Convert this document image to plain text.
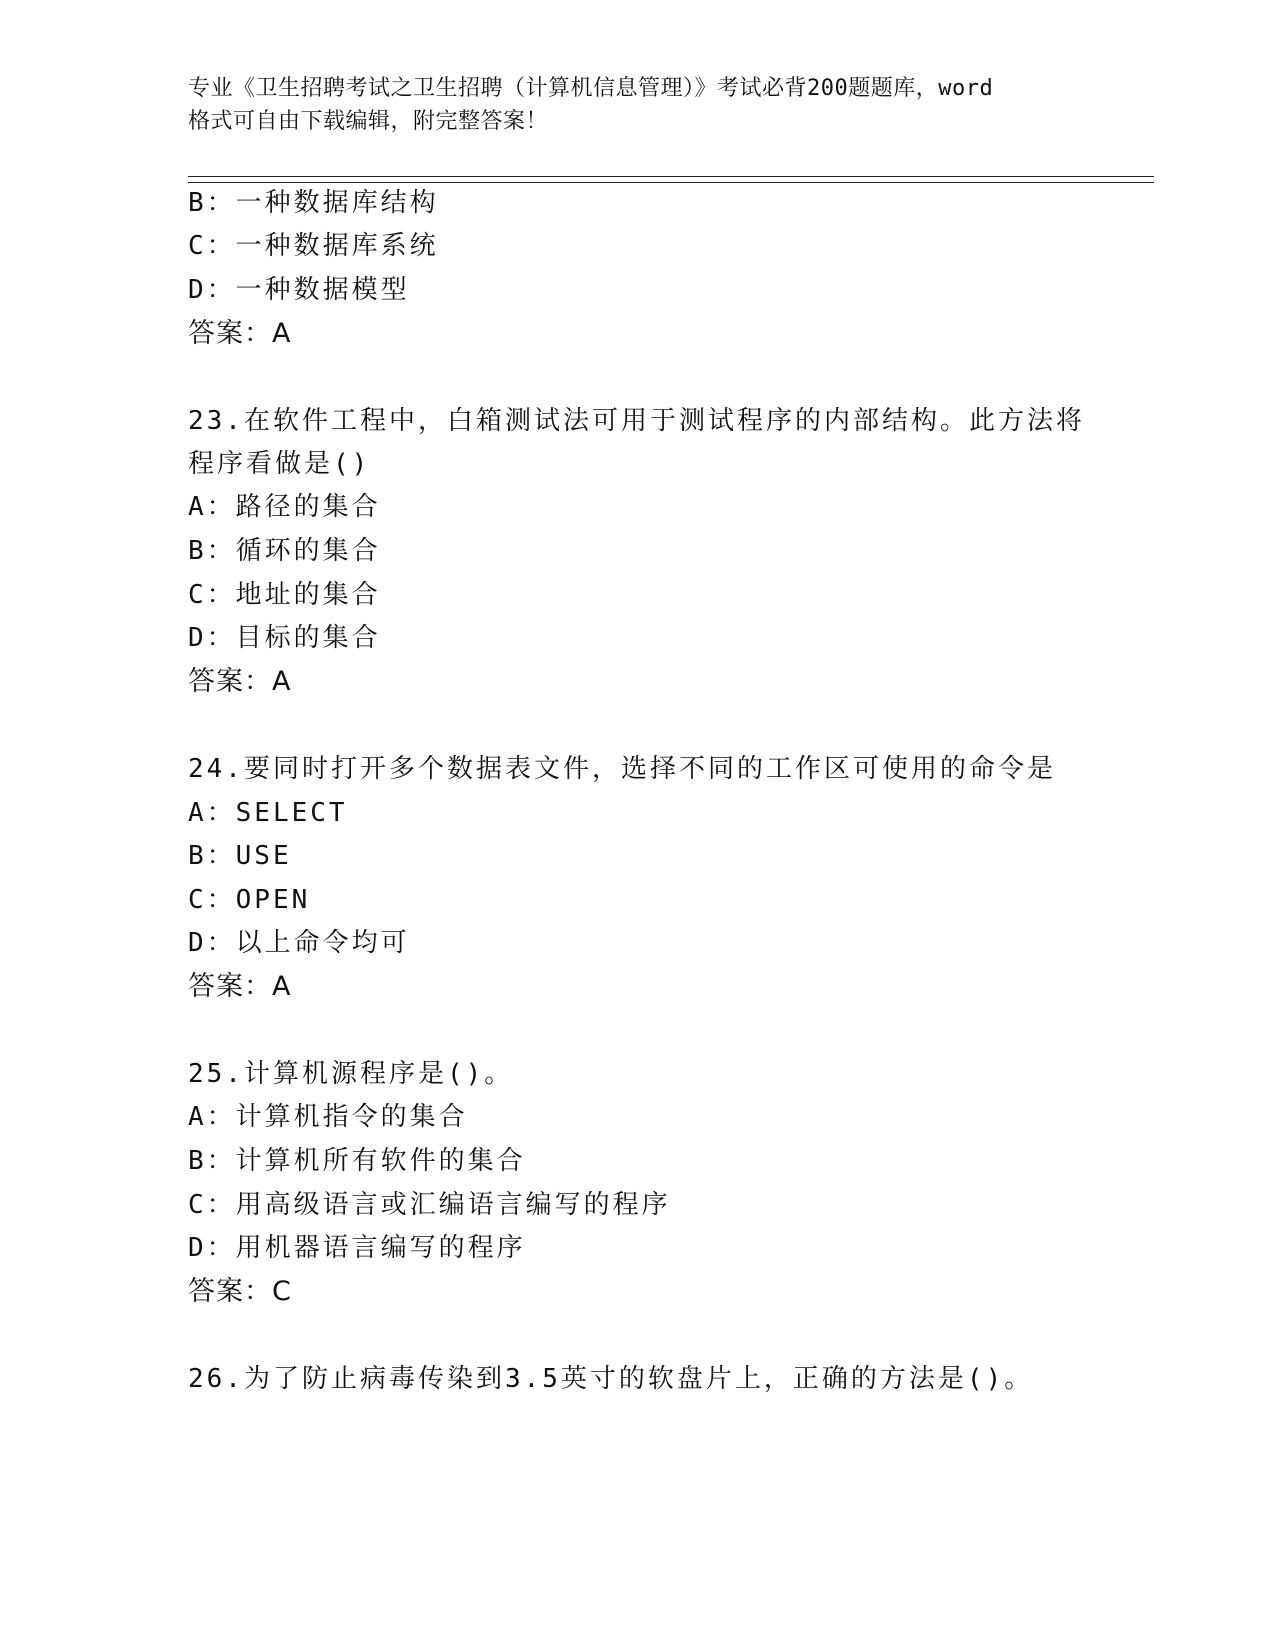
专业《卫生招聘考试之卫生招聘（计算机信息管理）》考试必背200题题库，word
格式可自由下载编辑，附完整答案！
B：一种数据库结构
C：一种数据库系统
D：一种数据模型
答案：A
23.在软件工程中，白箱测试法可用于测试程序的内部结构。此方法将
程序看做是()
A：路径的集合
B：循环的集合
C：地址的集合
D：目标的集合
答案：A
24.要同时打开多个数据表文件，选择不同的工作区可使用的命令是
A：SELECT
B：USE
C：OPEN
D：以上命令均可
答案：A
25.计算机源程序是()。
A：计算机指令的集合
B：计算机所有软件的集合
C：用高级语言或汇编语言编写的程序
D：用机器语言编写的程序
答案：C
26.为了防止病毒传染到3.5英寸的软盘片上，正确的方法是()。
